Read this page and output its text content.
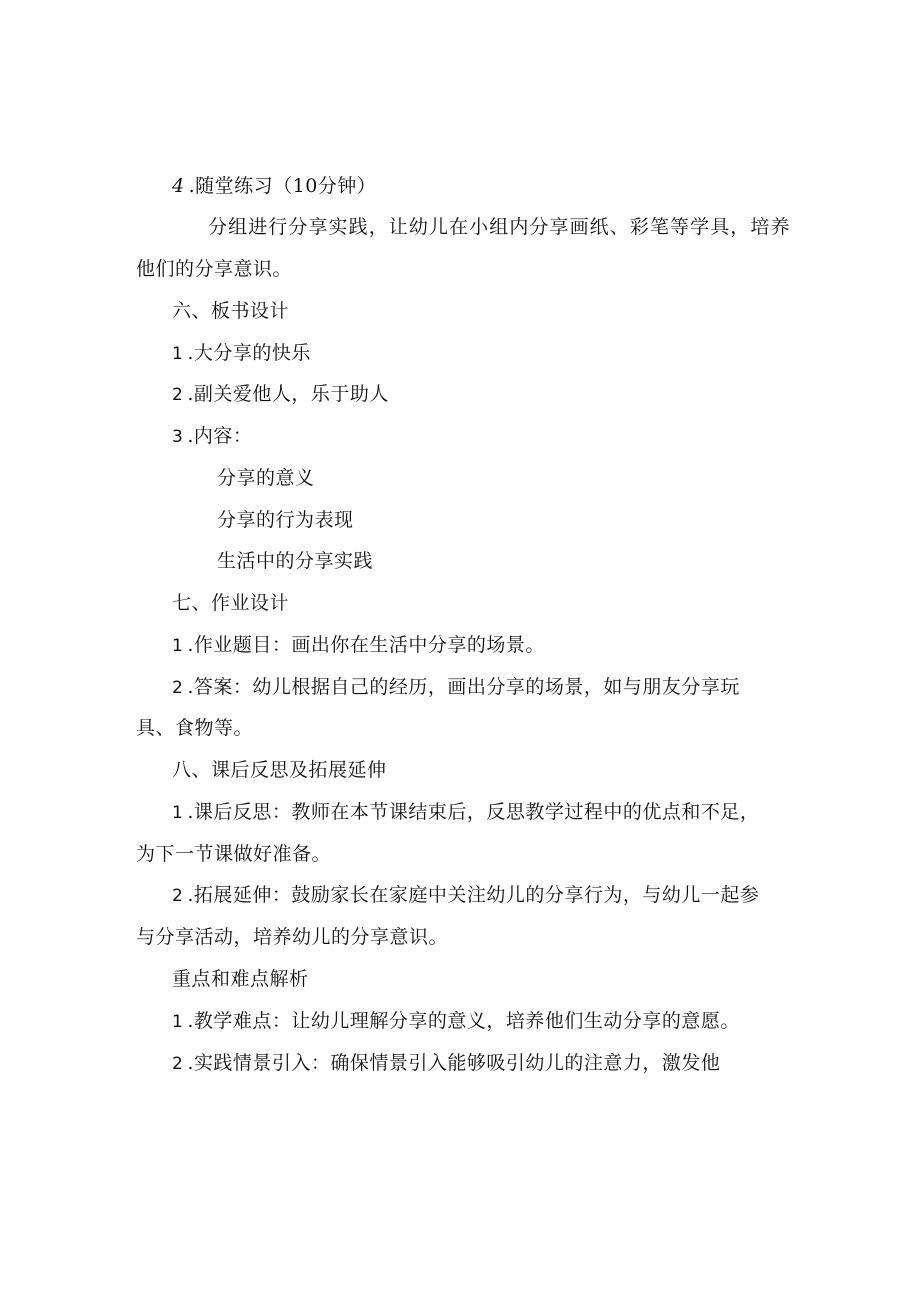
4 .随堂练习（10分钟）
分组进行分享实践，让幼儿在小组内分享画纸、彩笔等学具，培养
他们的分享意识。
六、板书设计
1 .大分享的快乐
2 .副关爱他人，乐于助人
3 .内容：
分享的意义
分享的行为表现
生活中的分享实践
七、作业设计
1 .作业题目：画出你在生活中分享的场景。
2 .答案：幼儿根据自己的经历，画出分享的场景，如与朋友分享玩
具、食物等。
八、课后反思及拓展延伸
1 .课后反思：教师在本节课结束后，反思教学过程中的优点和不足，
为下一节课做好准备。
2 .拓展延伸：鼓励家长在家庭中关注幼儿的分享行为，与幼儿一起参
与分享活动，培养幼儿的分享意识。
重点和难点解析
1 .教学难点：让幼儿理解分享的意义，培养他们生动分享的意愿。
2 .实践情景引入：确保情景引入能够吸引幼儿的注意力，激发他
